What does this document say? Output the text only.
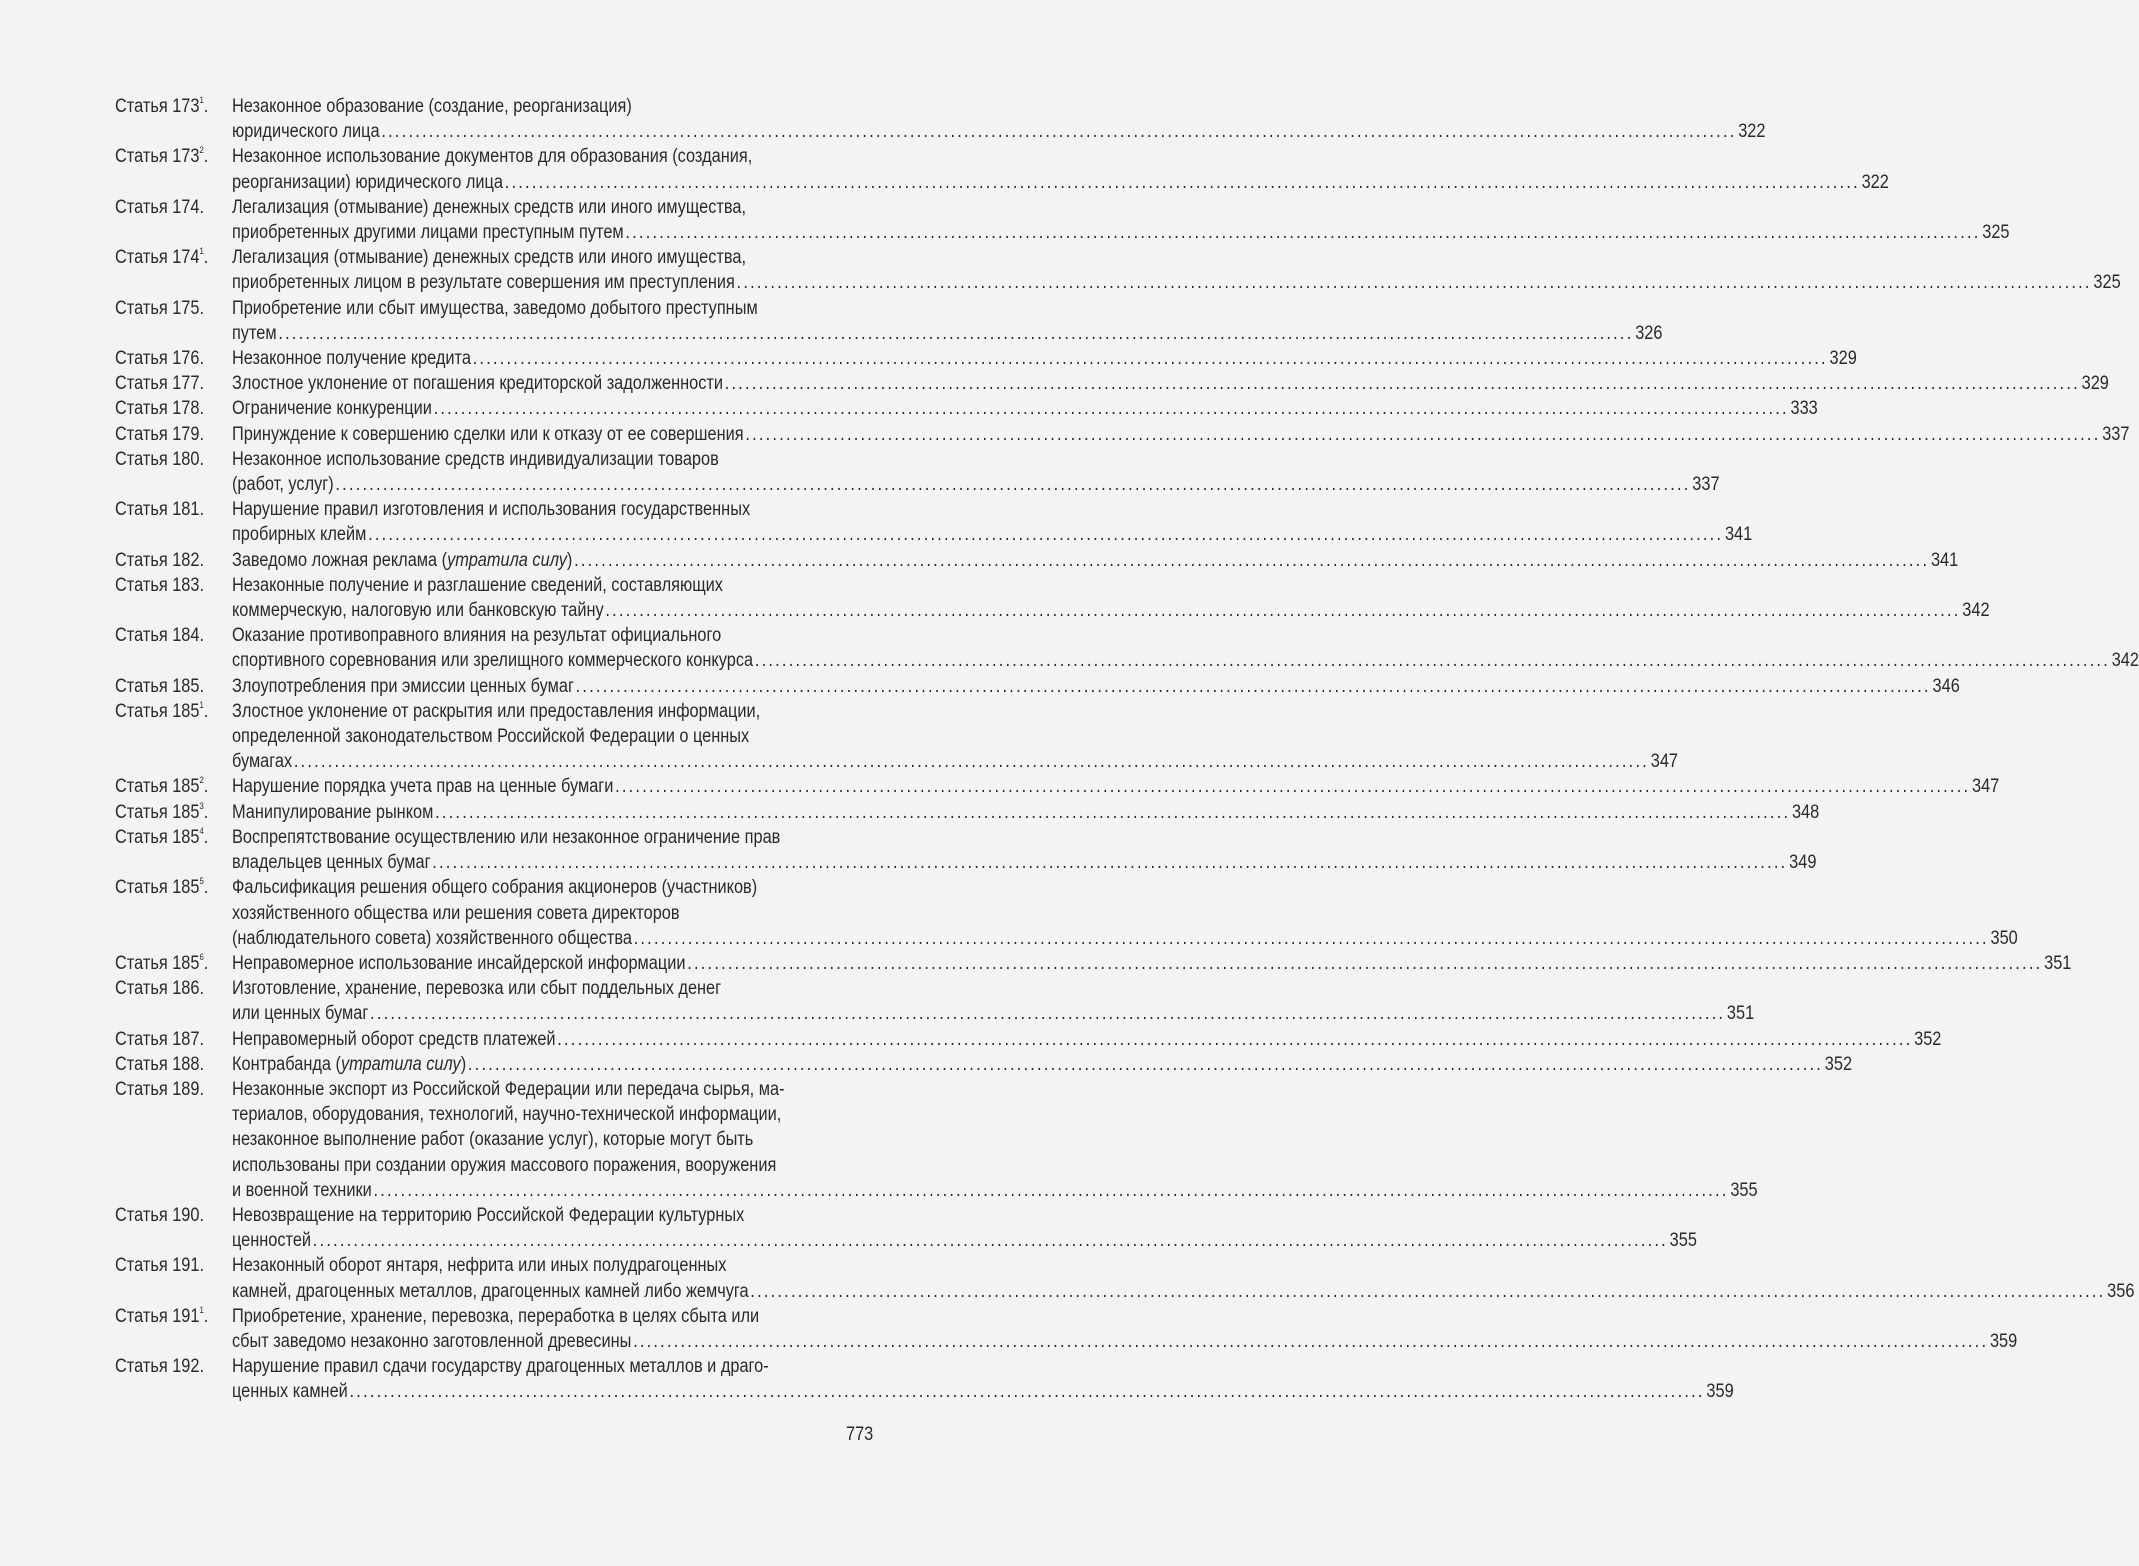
Статья $173^1$.	Незаконное образование (создание, реорганизация)
юридического лица ........................................................................................................................................................................................................ 322
Статья $173^2$.	Незаконное использование документов для образования (создания,
реорганизации) юридического лица ........................................................................................................................................................................................................ 322
Статья 174.	Легализация (отмывание) денежных средств или иного имущества,
приобретенных другими лицами преступным путем ........................................................................................................................................................................................................ 325
Статья $174^1$.	Легализация (отмывание) денежных средств или иного имущества,
приобретенных лицом в результате совершения им преступления ........................................................................................................................................................................................................ 325
Статья 175.	Приобретение или сбыт имущества, заведомо добытого преступным
путем ........................................................................................................................................................................................................ 326
Статья 176.	Незаконное получение кредита ........................................................................................................................................................................................................ 329
Статья 177.	Злостное уклонение от погашения кредиторской задолженности ........................................................................................................................................................................................................ 329
Статья 178.	Ограничение конкуренции ........................................................................................................................................................................................................ 333
Статья 179.	Принуждение к совершению сделки или к отказу от ее совершения ........................................................................................................................................................................................................ 337
Статья 180.	Незаконное использование средств индивидуализации товаров
(работ, услуг) ........................................................................................................................................................................................................ 337
Статья 181.	Нарушение правил изготовления и использования государственных
пробирных клейм ........................................................................................................................................................................................................ 341
Статья 182.	Заведомо ложная реклама (утратила силу) ........................................................................................................................................................................................................ 341
Статья 183.	Незаконные получение и разглашение сведений, составляющих
коммерческую, налоговую или банковскую тайну ........................................................................................................................................................................................................ 342
Статья 184.	Оказание противоправного влияния на результат официального
спортивного соревнования или зрелищного коммерческого конкурса ........................................................................................................................................................................................................ 342
Статья 185.	Злоупотребления при эмиссии ценных бумаг ........................................................................................................................................................................................................ 346
Статья $185^1$.	Злостное уклонение от раскрытия или предоставления информации,
определенной законодательством Российской Федерации о ценных
бумагах ........................................................................................................................................................................................................ 347
Статья $185^2$.	Нарушение порядка учета прав на ценные бумаги ........................................................................................................................................................................................................ 347
Статья $185^3$.	Манипулирование рынком ........................................................................................................................................................................................................ 348
Статья $185^4$.	Воспрепятствование осуществлению или незаконное ограничение прав
владельцев ценных бумаг ........................................................................................................................................................................................................ 349
Статья $185^5$.	Фальсификация решения общего собрания акционеров (участников)
хозяйственного общества или решения совета директоров
(наблюдательного совета) хозяйственного общества ........................................................................................................................................................................................................ 350
Статья $185^6$.	Неправомерное использование инсайдерской информации ........................................................................................................................................................................................................ 351
Статья 186.	Изготовление, хранение, перевозка или сбыт поддельных денег
или ценных бумаг ........................................................................................................................................................................................................ 351
Статья 187.	Неправомерный оборот средств платежей ........................................................................................................................................................................................................ 352
Статья 188.	Контрабанда (утратила силу) ........................................................................................................................................................................................................ 352
Статья 189.	Незаконные экспорт из Российской Федерации или передача сырья, ма-
териалов, оборудования, технологий, научно-технической информации,
незаконное выполнение работ (оказание услуг), которые могут быть
использованы при создании оружия массового поражения, вооружения
и военной техники ........................................................................................................................................................................................................ 355
Статья 190.	Невозвращение на территорию Российской Федерации культурных
ценностей ........................................................................................................................................................................................................ 355
Статья 191.	Незаконный оборот янтаря, нефрита или иных полудрагоценных
камней, драгоценных металлов, драгоценных камней либо жемчуга ........................................................................................................................................................................................................ 356
Статья $191^1$.	Приобретение, хранение, перевозка, переработка в целях сбыта или
сбыт заведомо незаконно заготовленной древесины ........................................................................................................................................................................................................ 359
Статья 192.	Нарушение правил сдачи государству драгоценных металлов и драго-
ценных камней ........................................................................................................................................................................................................ 359
773
